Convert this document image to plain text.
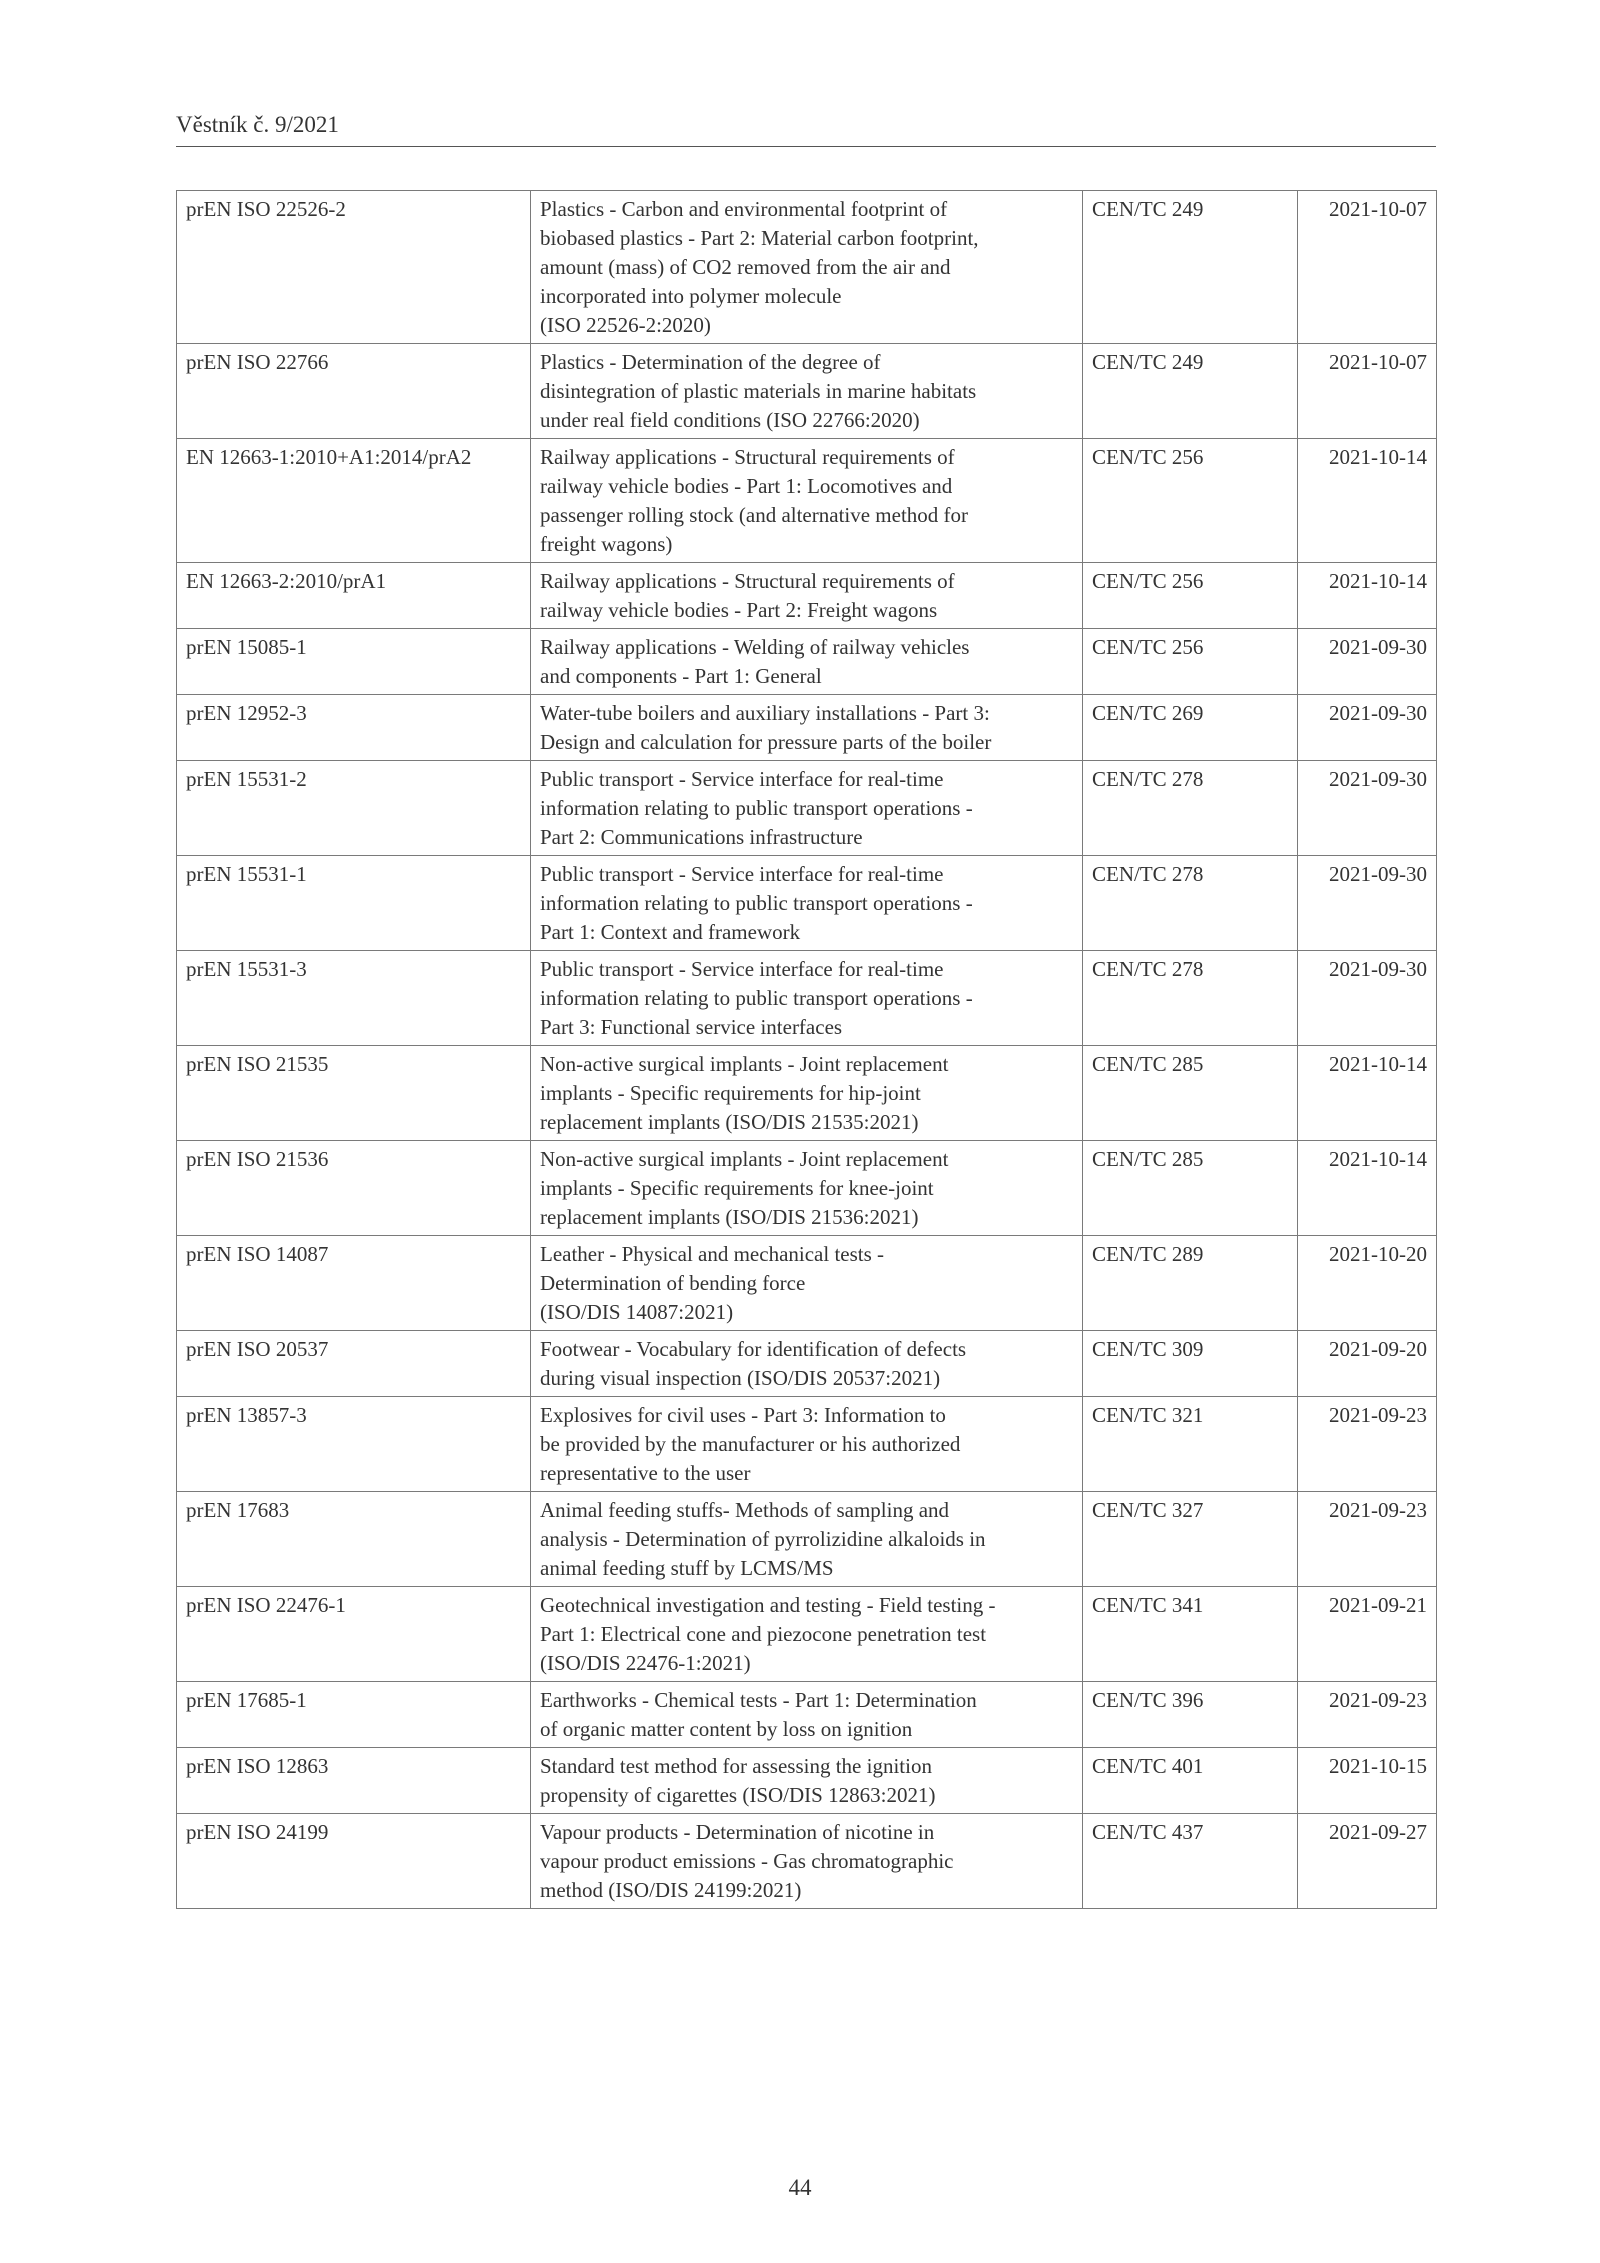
Věstník č. 9/2021
prEN ISO 22526-2	Plastics - Carbon and environmental footprint of
biobased plastics - Part 2: Material carbon footprint,
amount (mass) of CO2 removed from the air and
incorporated into polymer molecule
(ISO 22526-2:2020)	CEN/TC 249	2021-10-07
prEN ISO 22766	Plastics - Determination of the degree of
disintegration of plastic materials in marine habitats
under real field conditions (ISO 22766:2020)	CEN/TC 249	2021-10-07
EN 12663-1:2010+A1:2014/prA2	Railway applications - Structural requirements of
railway vehicle bodies - Part 1: Locomotives and
passenger rolling stock (and alternative method for
freight wagons)	CEN/TC 256	2021-10-14
EN 12663-2:2010/prA1	Railway applications - Structural requirements of
railway vehicle bodies - Part 2: Freight wagons	CEN/TC 256	2021-10-14
prEN 15085-1	Railway applications - Welding of railway vehicles
and components - Part 1: General	CEN/TC 256	2021-09-30
prEN 12952-3	Water-tube boilers and auxiliary installations - Part 3:
Design and calculation for pressure parts of the boiler	CEN/TC 269	2021-09-30
prEN 15531-2	Public transport - Service interface for real-time
information relating to public transport operations -
Part 2: Communications infrastructure	CEN/TC 278	2021-09-30
prEN 15531-1	Public transport - Service interface for real-time
information relating to public transport operations -
Part 1: Context and framework	CEN/TC 278	2021-09-30
prEN 15531-3	Public transport - Service interface for real-time
information relating to public transport operations -
Part 3: Functional service interfaces	CEN/TC 278	2021-09-30
prEN ISO 21535	Non-active surgical implants - Joint replacement
implants - Specific requirements for hip-joint
replacement implants (ISO/DIS 21535:2021)	CEN/TC 285	2021-10-14
prEN ISO 21536	Non-active surgical implants - Joint replacement
implants - Specific requirements for knee-joint
replacement implants (ISO/DIS 21536:2021)	CEN/TC 285	2021-10-14
prEN ISO 14087	Leather - Physical and mechanical tests -
Determination of bending force
(ISO/DIS 14087:2021)	CEN/TC 289	2021-10-20
prEN ISO 20537	Footwear - Vocabulary for identification of defects
during visual inspection (ISO/DIS 20537:2021)	CEN/TC 309	2021-09-20
prEN 13857-3	Explosives for civil uses - Part 3: Information to
be provided by the manufacturer or his authorized
representative to the user	CEN/TC 321	2021-09-23
prEN 17683	Animal feeding stuffs- Methods of sampling and
analysis - Determination of pyrrolizidine alkaloids in
animal feeding stuff by LCMS/MS	CEN/TC 327	2021-09-23
prEN ISO 22476-1	Geotechnical investigation and testing - Field testing -
Part 1: Electrical cone and piezocone penetration test
(ISO/DIS 22476-1:2021)	CEN/TC 341	2021-09-21
prEN 17685-1	Earthworks - Chemical tests - Part 1: Determination
of organic matter content by loss on ignition	CEN/TC 396	2021-09-23
prEN ISO 12863	Standard test method for assessing the ignition
propensity of cigarettes (ISO/DIS 12863:2021)	CEN/TC 401	2021-10-15
prEN ISO 24199	Vapour products - Determination of nicotine in
vapour product emissions - Gas chromatographic
method (ISO/DIS 24199:2021)	CEN/TC 437	2021-09-27
44
